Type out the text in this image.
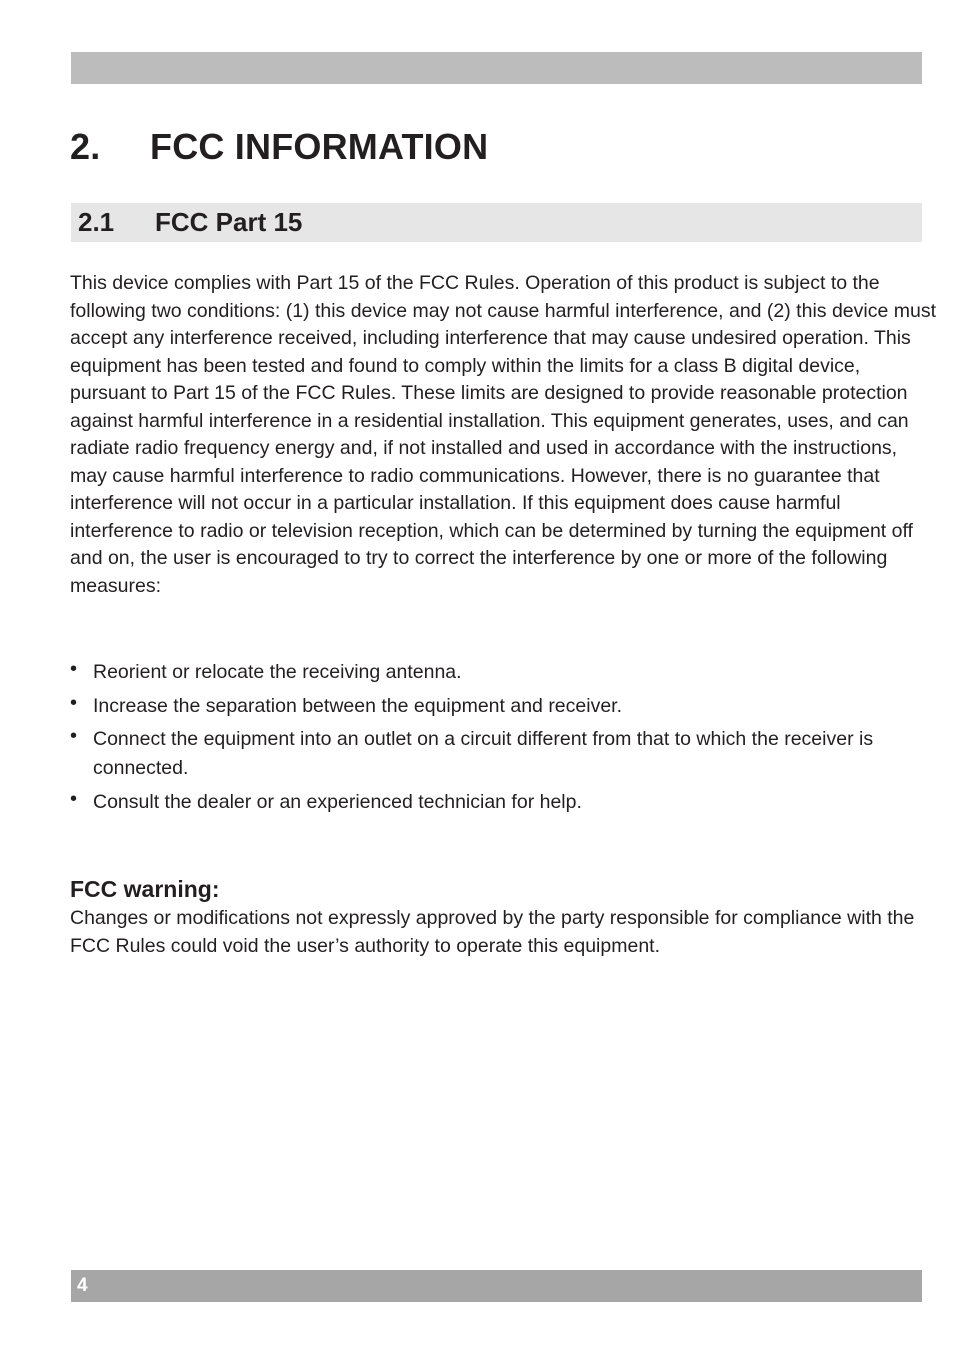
2. FCC INFORMATION
2.1 FCC Part 15

This device complies with Part 15 of the FCC Rules. Operation of this product is subject to the following two conditions: (1) this device may not cause harmful interference, and (2) this device must accept any interference received, including interference that may cause undesired operation. This equipment has been tested and found to comply within the limits for a class B digital device, pursuant to Part 15 of the FCC Rules. These limits are designed to provide reasonable protection against harmful interference in a residential installation. This equipment generates, uses, and can radiate radio frequency energy and, if not installed and used in accordance with the instructions, may cause harmful interference to radio communications. However, there is no guarantee that interference will not occur in a particular installation. If this equipment does cause harmful interference to radio or television reception, which can be determined by turning the equipment off and on, the user is encouraged to try to correct the interference by one or more of the following measures:

• Reorient or relocate the receiving antenna.
• Increase the separation between the equipment and receiver.
• Connect the equipment into an outlet on a circuit different from that to which the receiver is connected.
• Consult the dealer or an experienced technician for help.
FCC warning:

Changes or modifications not expressly approved by the party responsible for compliance with the FCC Rules could void the user’s authority to operate this equipment.

4
